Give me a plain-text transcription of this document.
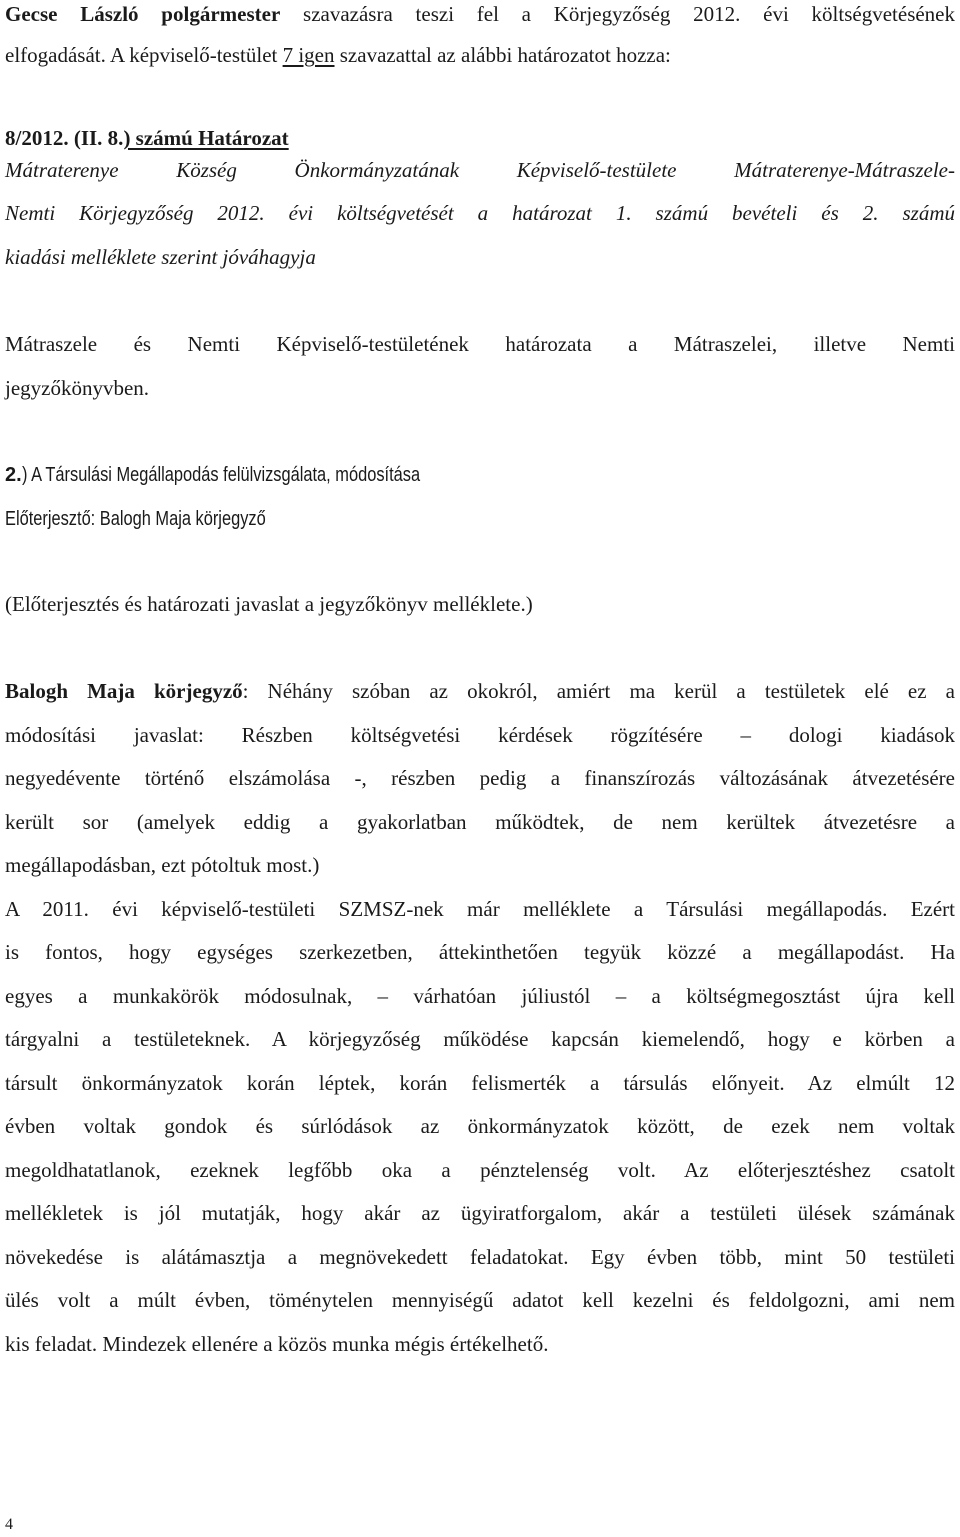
Gecse László polgármester szavazásra teszi fel a Körjegyzőség 2012. évi költségvetésének
elfogadását. A képviselő-testület 7 igen szavazattal az alábbi határozatot hozza:
8/2012. (II. 8.) számú Határozat
Mátraterenye Község Önkormányzatának Képviselő-testülete Mátraterenye-Mátraszele-
Nemti Körjegyzőség 2012. évi költségvetését a határozat 1. számú bevételi és 2. számú
kiadási melléklete szerint jóváhagyja
Mátraszele és Nemti Képviselő-testületének határozata a Mátraszelei, illetve Nemti
jegyzőkönyvben.
2.) A Társulási Megállapodás felülvizsgálata, módosítása
Előterjesztő: Balogh Maja körjegyző
(Előterjesztés és határozati javaslat a jegyzőkönyv melléklete.)
Balogh Maja körjegyző: Néhány szóban az okokról, amiért ma kerül a testületek elé ez a
módosítási javaslat: Részben költségvetési kérdések rögzítésére – dologi kiadások
negyedévente történő elszámolása -, részben pedig a finanszírozás változásának átvezetésére
került sor (amelyek eddig a gyakorlatban működtek, de nem kerültek átvezetésre a
megállapodásban, ezt pótoltuk most.)
A 2011. évi képviselő-testületi SZMSZ-nek már melléklete a Társulási megállapodás. Ezért
is fontos, hogy egységes szerkezetben, áttekinthetően tegyük közzé a megállapodást. Ha
egyes a munkakörök módosulnak, – várhatóan júliustól – a költségmegosztást újra kell
tárgyalni a testületeknek. A körjegyzőség működése kapcsán kiemelendő, hogy e körben a
társult önkormányzatok korán léptek, korán felismerték a társulás előnyeit. Az elmúlt 12
évben voltak gondok és súrlódások az önkormányzatok között, de ezek nem voltak
megoldhatatlanok, ezeknek legfőbb oka a pénztelenség volt. Az előterjesztéshez csatolt
mellékletek is jól mutatják, hogy akár az ügyiratforgalom, akár a testületi ülések számának
növekedése is alátámasztja a megnövekedett feladatokat. Egy évben több, mint 50 testületi
ülés volt a múlt évben, töménytelen mennyiségű adatot kell kezelni és feldolgozni, ami nem
kis feladat. Mindezek ellenére a közös munka mégis értékelhető.
4
